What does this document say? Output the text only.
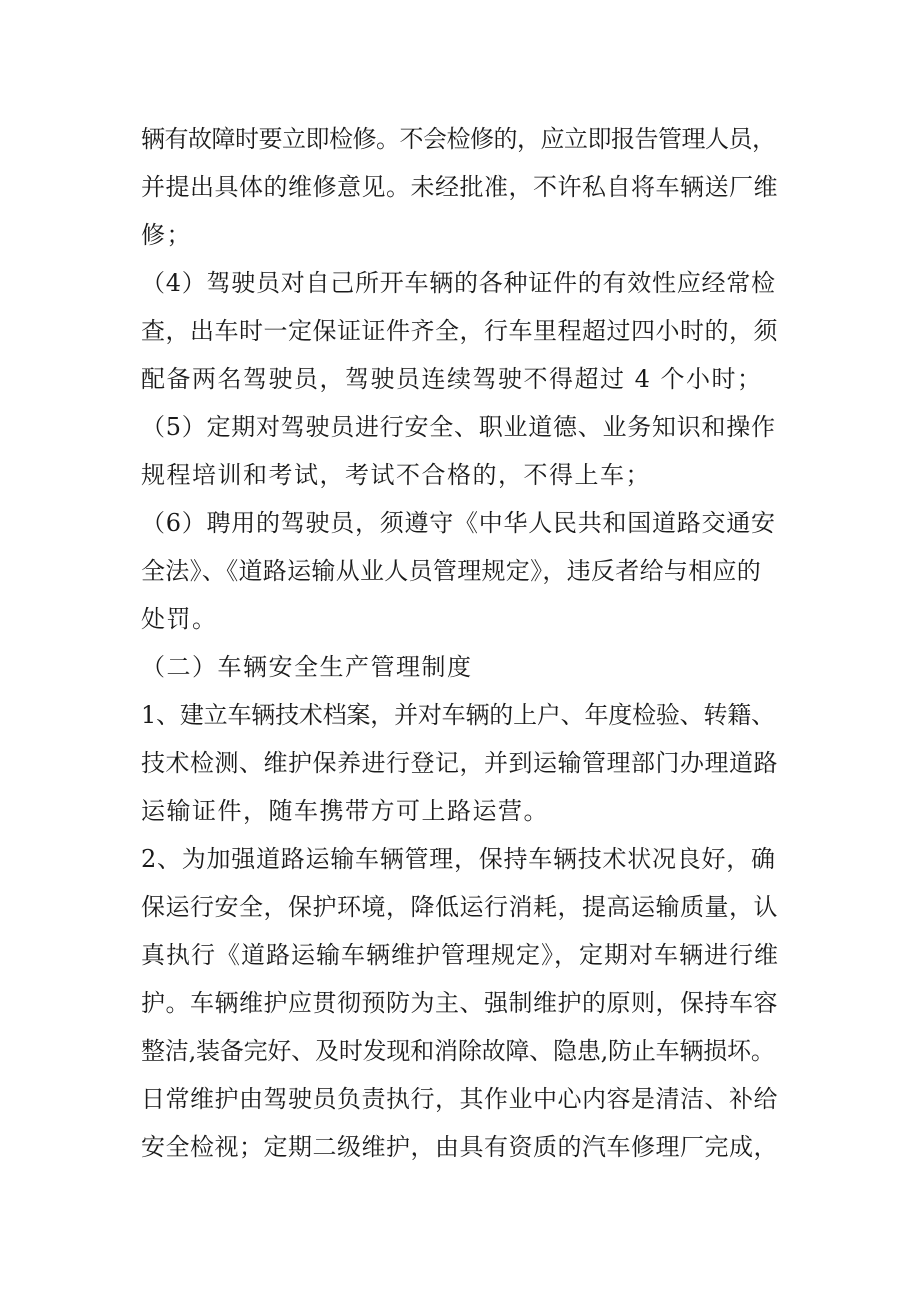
辆有故障时要立即检修。不会检修的，应立即报告管理人员，
并提出具体的维修意见。未经批准，不许私自将车辆送厂维
修；
（4）驾驶员对自己所开车辆的各种证件的有效性应经常检
查，出车时一定保证证件齐全，行车里程超过四小时的，须
配备两名驾驶员，驾驶员连续驾驶不得超过 4 个小时；
（5）定期对驾驶员进行安全、职业道德、业务知识和操作
规程培训和考试，考试不合格的，不得上车；
（6）聘用的驾驶员，须遵守《中华人民共和国道路交通安
全法》、《道路运输从业人员管理规定》，违反者给与相应的
处罚。
（二）车辆安全生产管理制度
1、建立车辆技术档案，并对车辆的上户、年度检验、转籍、
技术检测、维护保养进行登记，并到运输管理部门办理道路
运输证件，随车携带方可上路运营。
2、为加强道路运输车辆管理，保持车辆技术状况良好，确
保运行安全，保护环境，降低运行消耗，提高运输质量，认
真执行《道路运输车辆维护管理规定》，定期对车辆进行维
护。车辆维护应贯彻预防为主、强制维护的原则，保持车容
整洁,装备完好、及时发现和消除故障、隐患,防止车辆损坏。
日常维护由驾驶员负责执行，其作业中心内容是清洁、补给
安全检视；定期二级维护，由具有资质的汽车修理厂完成，
